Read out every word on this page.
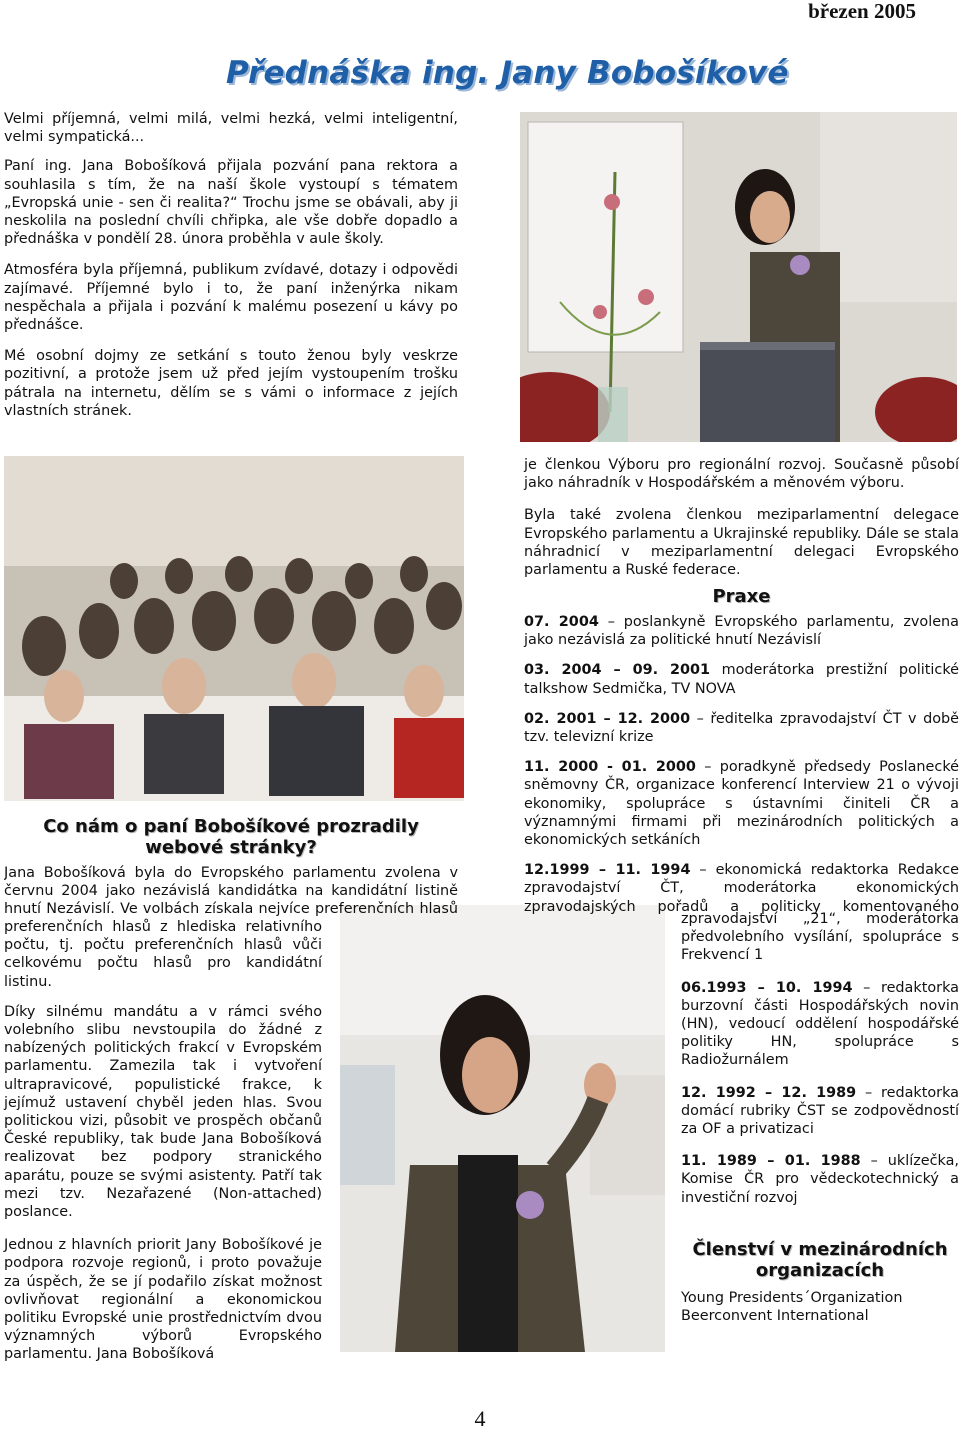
březen 2005
Přednáška ing. Jany Bobošíkové

Velmi příjemná, velmi milá, velmi hezká, velmi inteligentní, velmi sympatická...

Paní ing. Jana Bobošíková přijala pozvání pana rektora a souhlasila s tím, že na naší škole vystoupí s tématem „Evropská unie - sen či realita?“ Trochu jsme se obávali, aby ji neskolila na poslední chvíli chřipka, ale vše dobře dopadlo a přednáška v pondělí 28. února proběhla v aule školy.

Atmosféra byla příjemná, publikum zvídavé, dotazy i odpovědi zajímavé. Příjemné bylo i to, že paní inženýrka nikam nespěchala a přijala i pozvání k malému posezení u kávy po přednášce.

Mé osobní dojmy ze setkání s touto ženou byly veskrze pozitivní, a protože jsem už před jejím vystoupením trošku pátrala na internetu, dělím se s vámi o informace z jejích vlastních stránek.

Co nám o paní Bobošíkové prozradily webové stránky?

Jana Bobošíková byla do Evropského parlamentu zvolena v červnu 2004 jako nezávislá kandidátka na kandidátní listině hnutí Nezávislí. Ve volbách získala nejvíce preferenčních hlasů

preferenčních hlasů z hlediska relativního počtu, tj. počtu preferenčních hlasů vůči celkovému počtu hlasů pro kandidátní listinu.

Díky silnému mandátu a v rámci svého volebního slibu nevstoupila do žádné z nabízených politických frakcí v Evropském parlamentu. Zamezila tak i vytvoření ultrapravicové, populistické frakce, k jejímuž ustavení chyběl jeden hlas. Svou politickou vizi, působit ve prospěch občanů České republiky, tak bude Jana Bobošíková realizovat bez podpory stranického aparátu, pouze se svými asistenty. Patří tak mezi tzv. Nezařazené (Non-attached) poslance.

Jednou z hlavních priorit Jany Bobošíkové je podpora rozvoje regionů, i proto považuje za úspěch, že se jí podařilo získat možnost ovlivňovat regionální a ekonomickou politiku Evropské unie prostřednictvím dvou významných výborů Evropského parlamentu. Jana Bobošíková

je členkou Výboru pro regionální rozvoj. Současně působí jako náhradník v Hospodářském a měnovém výboru.

Byla také zvolena členkou meziparlamentní delegace Evropského parlamentu a Ukrajinské republiky. Dále se stala náhradnicí v meziparlamentní delegaci Evropského parlamentu a Ruské federace.

Praxe
07. 2004 – poslankyně Evropského parlamentu, zvolena jako nezávislá za politické hnutí Nezávislí
03. 2004 – 09. 2001 moderátorka prestižní politické talkshow Sedmička, TV NOVA
02. 2001 – 12. 2000 – ředitelka zpravodajství ČT v době tzv. televizní krize
11. 2000 - 01. 2000 – poradkyně předsedy Poslanecké sněmovny ČR, organizace konferencí Interview 21 o vývoji ekonomiky, spolupráce s ústavními činiteli ČR a významnými firmami při mezinárodních politických a ekonomických setkáních
12.1999 – 11. 1994 – ekonomická redaktorka Redakce zpravodajství ČT, moderátorka ekonomických zpravodajských pořadů a politicky komentovaného
zpravodajství „21“, moderátorka předvolebního vysílání, spolupráce s Frekvencí 1
06.1993 – 10. 1994 – redaktorka burzovní části Hospodářských novin (HN), vedoucí oddělení hospodářské politiky HN, spolupráce s Radiožurnálem
12. 1992 – 12. 1989 – redaktorka domácí rubriky ČST se zodpovědností za OF a privatizaci
11. 1989 – 01. 1988 – uklízečka, Komise ČR pro vědeckotechnický a investiční rozvoj
Členství v mezinárodních organizacích
Young Presidents´Organization
Beerconvent International
4
